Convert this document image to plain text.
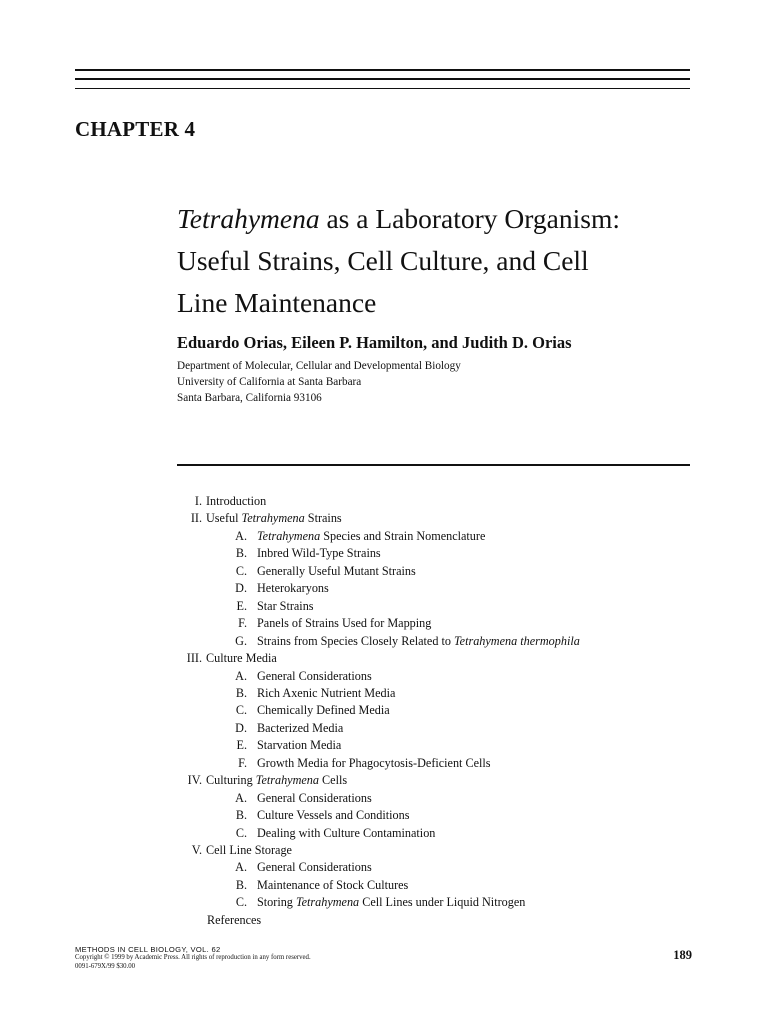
CHAPTER 4
Tetrahymena as a Laboratory Organism:
Useful Strains, Cell Culture, and Cell
Line Maintenance
Eduardo Orias, Eileen P. Hamilton, and Judith D. Orias
Department of Molecular, Cellular and Developmental Biology
University of California at Santa Barbara
Santa Barbara, California 93106
I. Introduction
II. Useful Tetrahymena Strains
A. Tetrahymena Species and Strain Nomenclature
B. Inbred Wild-Type Strains
C. Generally Useful Mutant Strains
D. Heterokaryons
E. Star Strains
F. Panels of Strains Used for Mapping
G. Strains from Species Closely Related to Tetrahymena thermophila
III. Culture Media
A. General Considerations
B. Rich Axenic Nutrient Media
C. Chemically Defined Media
D. Bacterized Media
E. Starvation Media
F. Growth Media for Phagocytosis-Deficient Cells
IV. Culturing Tetrahymena Cells
A. General Considerations
B. Culture Vessels and Conditions
C. Dealing with Culture Contamination
V. Cell Line Storage
A. General Considerations
B. Maintenance of Stock Cultures
C. Storing Tetrahymena Cell Lines under Liquid Nitrogen
References
METHODS IN CELL BIOLOGY, VOL. 62
Copyright © 1999 by Academic Press. All rights of reproduction in any form reserved.
0091-679X/99 $30.00
189
